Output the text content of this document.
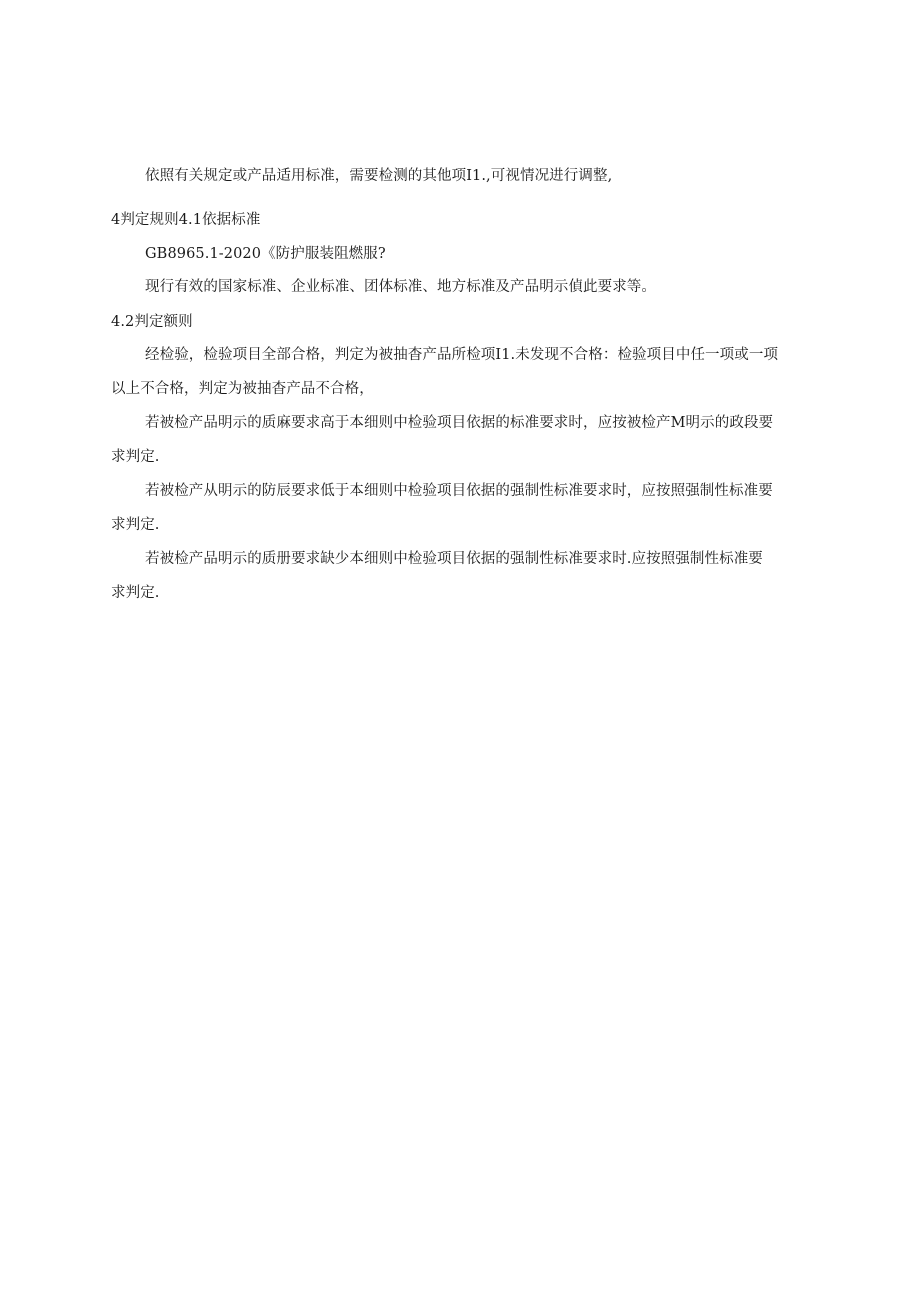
依照有关规定或产品适用标准，需要检测的其他项I1.,可视情况进行调整,
4判定规则4.1依据标准
GB8965.1-2020《防护服装阻燃服?
现行有效的国家标准、企业标准、团体标准、地方标准及产品明示偵此要求等。
4.2判定额则
经检验，检验项目全部合格，判定为被抽杳产品所检项I1.未发现不合格：检验项目中任一项或一项
以上不合格，判定为被抽杳产品不合格，
若被检产品明示的质麻要求高于本细则中检验项目依据的标准要求时，应按被检产M明示的政段要
求判定.
若被检产从明示的防辰要求低于本细则中检验项目依据的强制性标准要求时，应按照强制性标准要
求判定.
若被检产品明示的质册要求缺少本细则中检验项目依据的强制性标准要求时.应按照强制性标准要
求判定.
